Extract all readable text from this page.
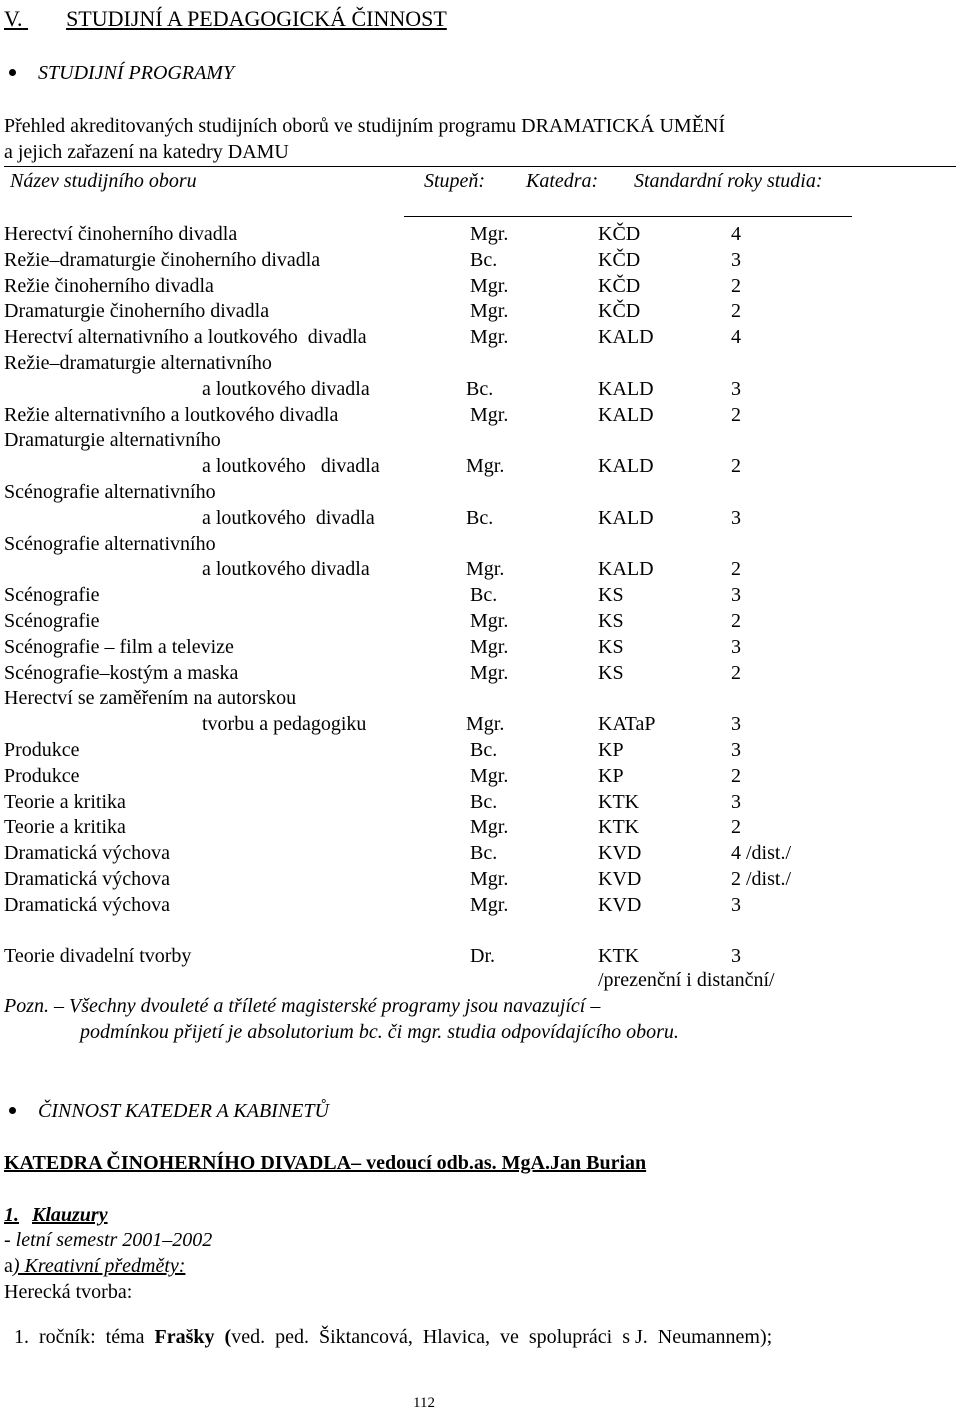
V. STUDIJNÍ A PEDAGOGICKÁ ČINNOST
STUDIJNÍ PROGRAMY
Přehled akreditovaných studijních oborů ve studijním programu DRAMATICKÁ UMĚNÍ
a jejich zařazení na katedry DAMU
Název studijního oboru	Stupeň: Katedra: Standardní roky studia:
Herectví činoherního divadla	Mgr.	KČD	4
Režie–dramaturgie činoherního divadla	Bc.	KČD	3
Režie činoherního divadla	Mgr.	KČD	2
Dramaturgie činoherního divadla	Mgr.	KČD	2
Herectví alternativního a loutkového  divadla	Mgr.	KALD	4
Režie–dramaturgie alternativního
a loutkového divadla	Bc.	KALD	3
Režie alternativního a loutkového divadla	Mgr.	KALD	2
Dramaturgie alternativního
a loutkového   divadla	Mgr.	KALD	2
Scénografie alternativního
a loutkového  divadla	Bc.	KALD	3
Scénografie alternativního
a loutkového divadla	Mgr.	KALD	2
Scénografie	Bc.	KS	3
Scénografie	Mgr.	KS	2
Scénografie – film a televize	Mgr.	KS	3
Scénografie–kostým a maska	Mgr.	KS	2
Herectví se zaměřením na autorskou
tvorbu a pedagogiku	Mgr.	KATaP	3
Produkce	Bc.	KP	3
Produkce	Mgr.	KP	2
Teorie a kritika	Bc.	KTK	3
Teorie a kritika	Mgr.	KTK	2
Dramatická výchova	Bc.	KVD	4 /dist./
Dramatická výchova	Mgr.	KVD	2 /dist./
Dramatická výchova	Mgr.	KVD	3
Teorie divadelní tvorby	Dr.	KTK	3
/prezenční i distanční/
Pozn. – Všechny dvouleté a tříleté magisterské programy jsou navazující –
podmínkou přijetí je absolutorium bc. či mgr. studia odpovídajícího oboru.
ČINNOST KATEDER A KABINETŮ
KATEDRA ČINOHERNÍHO DIVADLA– vedoucí odb.as. MgA.Jan Burian
1. Klauzury
- letní semestr 2001–2002
a) Kreativní předměty:
Herecká tvorba:

1.  ročník:  téma  Frašky  (ved.  ped.  Šiktancová,  Hlavica,  ve  spolupráci  s J.  Neumannem);

112
